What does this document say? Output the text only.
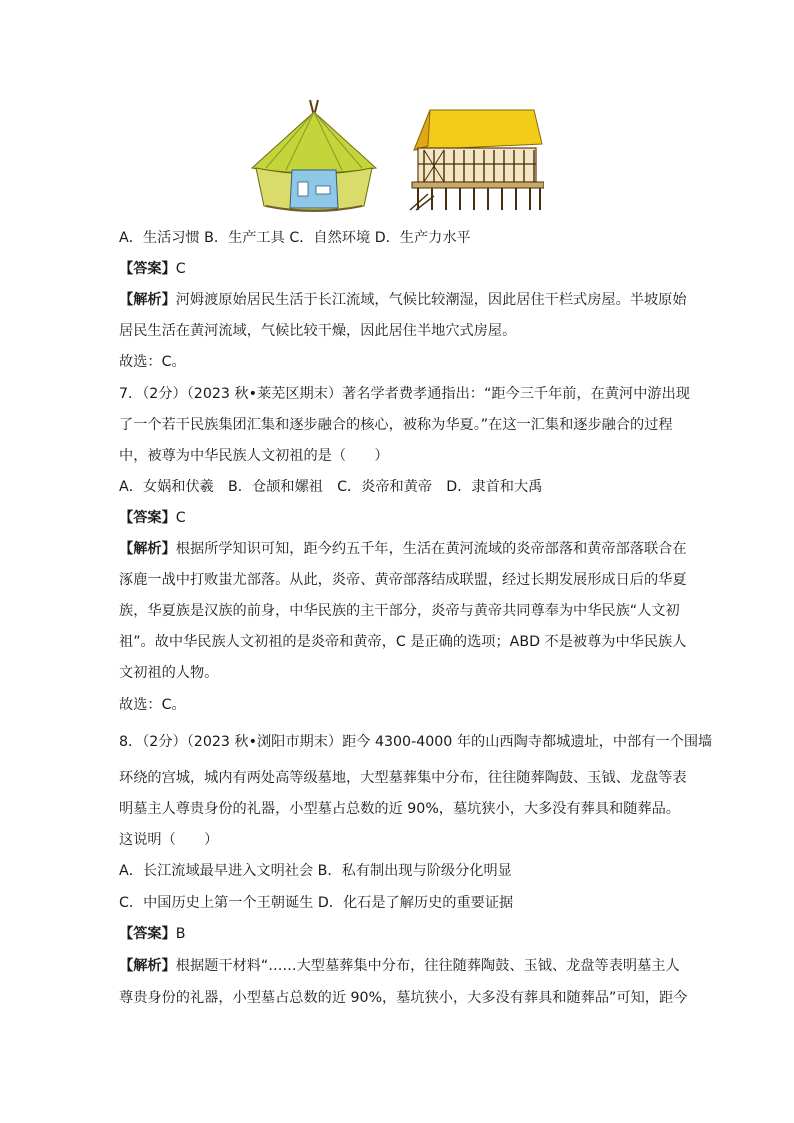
A．生活习惯 B．生产工具 C．自然环境 D．生产力水平
【答案】C
【解析】河姆渡原始居民生活于长江流域，气候比较潮湿，因此居住干栏式房屋。半坡原始
居民生活在黄河流域，气候比较干燥，因此居住半地穴式房屋。
故选：C。
7．（2分）（2023 秋•莱芜区期末）著名学者费孝通指出：“距今三千年前，在黄河中游出现
了一个若干民族集团汇集和逐步融合的核心，被称为华夏。”在这一汇集和逐步融合的过程
中，被尊为中华民族人文初祖的是（　　）
A．女娲和伏羲　B．仓颉和嫘祖　C．炎帝和黄帝　D．隶首和大禹
【答案】C
【解析】根据所学知识可知，距今约五千年，生活在黄河流域的炎帝部落和黄帝部落联合在
涿鹿一战中打败蚩尤部落。从此，炎帝、黄帝部落结成联盟，经过长期发展形成日后的华夏
族，华夏族是汉族的前身，中华民族的主干部分，炎帝与黄帝共同尊奉为中华民族“人文初
祖”。故中华民族人文初祖的是炎帝和黄帝，C 是正确的选项；ABD 不是被尊为中华民族人
文初祖的人物。
故选：C。
8．（2分）（2023 秋•浏阳市期末）距今 4300-4000 年的山西陶寺都城遗址，中部有一个围墙
环绕的宫城，城内有两处高等级墓地，大型墓葬集中分布，往往随葬陶鼓、玉钺、龙盘等表
明墓主人尊贵身份的礼器，小型墓占总数的近 90%，墓坑狭小，大多没有葬具和随葬品。
这说明（　　）
A．长江流域最早进入文明社会 B．私有制出现与阶级分化明显
C．中国历史上第一个王朝诞生 D．化石是了解历史的重要证据
【答案】B
【解析】根据题干材料“……大型墓葬集中分布，往往随葬陶鼓、玉钺、龙盘等表明墓主人
尊贵身份的礼器，小型墓占总数的近 90%，墓坑狭小，大多没有葬具和随葬品”可知，距今
